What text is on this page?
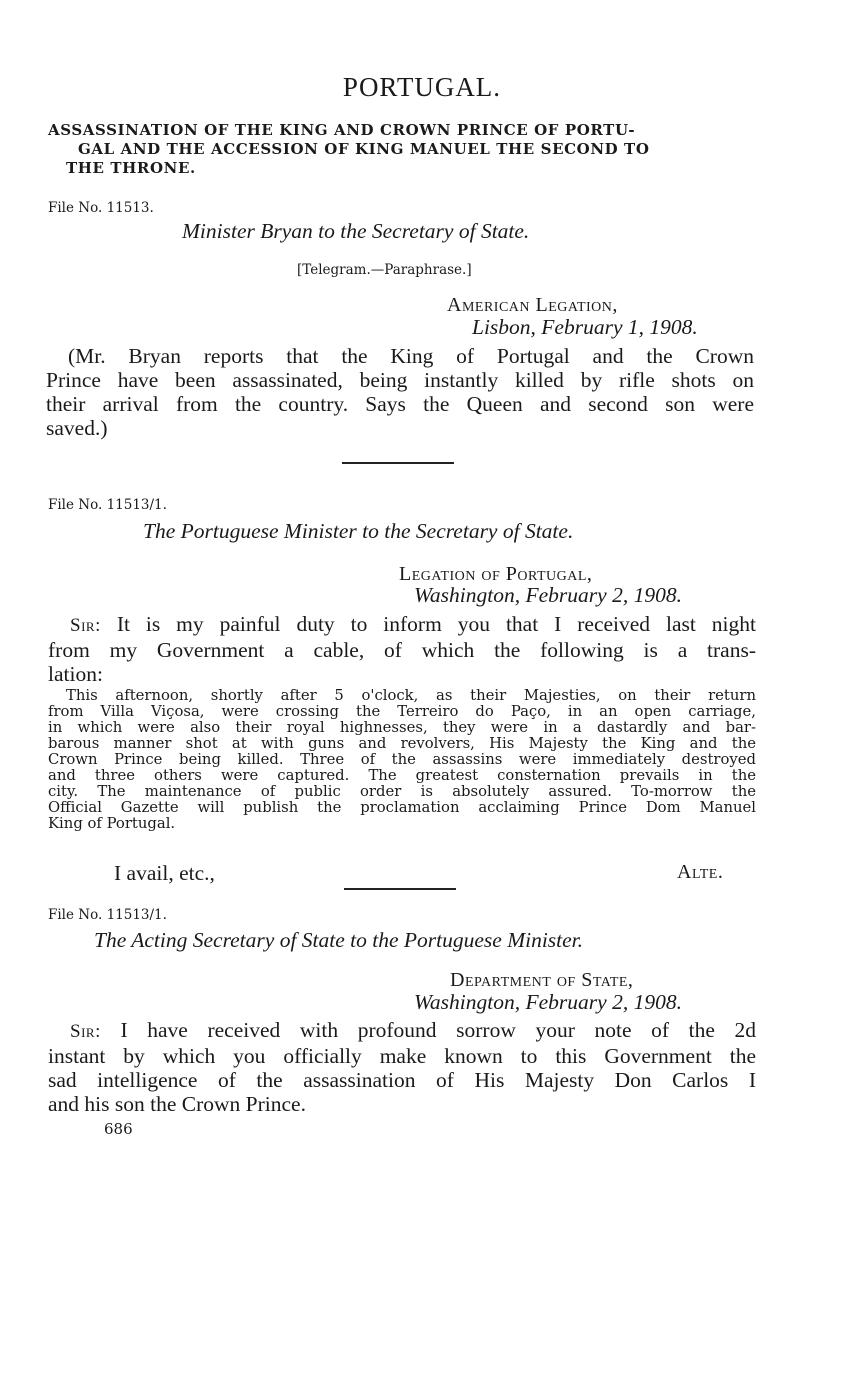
PORTUGAL.
ASSASSINATION OF THE KING AND CROWN PRINCE OF PORTU-
GAL AND THE ACCESSION OF KING MANUEL THE SECOND TO
THE THRONE.
File No. 11513.
Minister Bryan to the Secretary of State.
[Telegram.—Paraphrase.]
American Legation,
Lisbon, February 1, 1908.
(Mr. Bryan reports that the King of Portugal and the Crown
Prince have been assassinated, being instantly killed by rifle shots on
their arrival from the country. Says the Queen and second son were
saved.)
File No. 11513/1.
The Portuguese Minister to the Secretary of State.
Legation of Portugal,
Washington, February 2, 1908.
Sir: It is my painful duty to inform you that I received last night
from my Government a cable, of which the following is a trans-
lation:
This afternoon, shortly after 5 o'clock, as their Majesties, on their return
from Villa Viçosa, were crossing the Terreiro do Paço, in an open carriage,
in which were also their royal highnesses, they were in a dastardly and bar-
barous manner shot at with guns and revolvers, His Majesty the King and the
Crown Prince being killed. Three of the assassins were immediately destroyed
and three others were captured. The greatest consternation prevails in the
city. The maintenance of public order is absolutely assured. To-morrow the
Official Gazette will publish the proclamation acclaiming Prince Dom Manuel
King of Portugal.
I avail, etc.,	Alte.
File No. 11513/1.
The Acting Secretary of State to the Portuguese Minister.
Department of State,
Washington, February 2, 1908.
Sir: I have received with profound sorrow your note of the 2d
instant by which you officially make known to this Government the
sad intelligence of the assassination of His Majesty Don Carlos I
and his son the Crown Prince.
686
